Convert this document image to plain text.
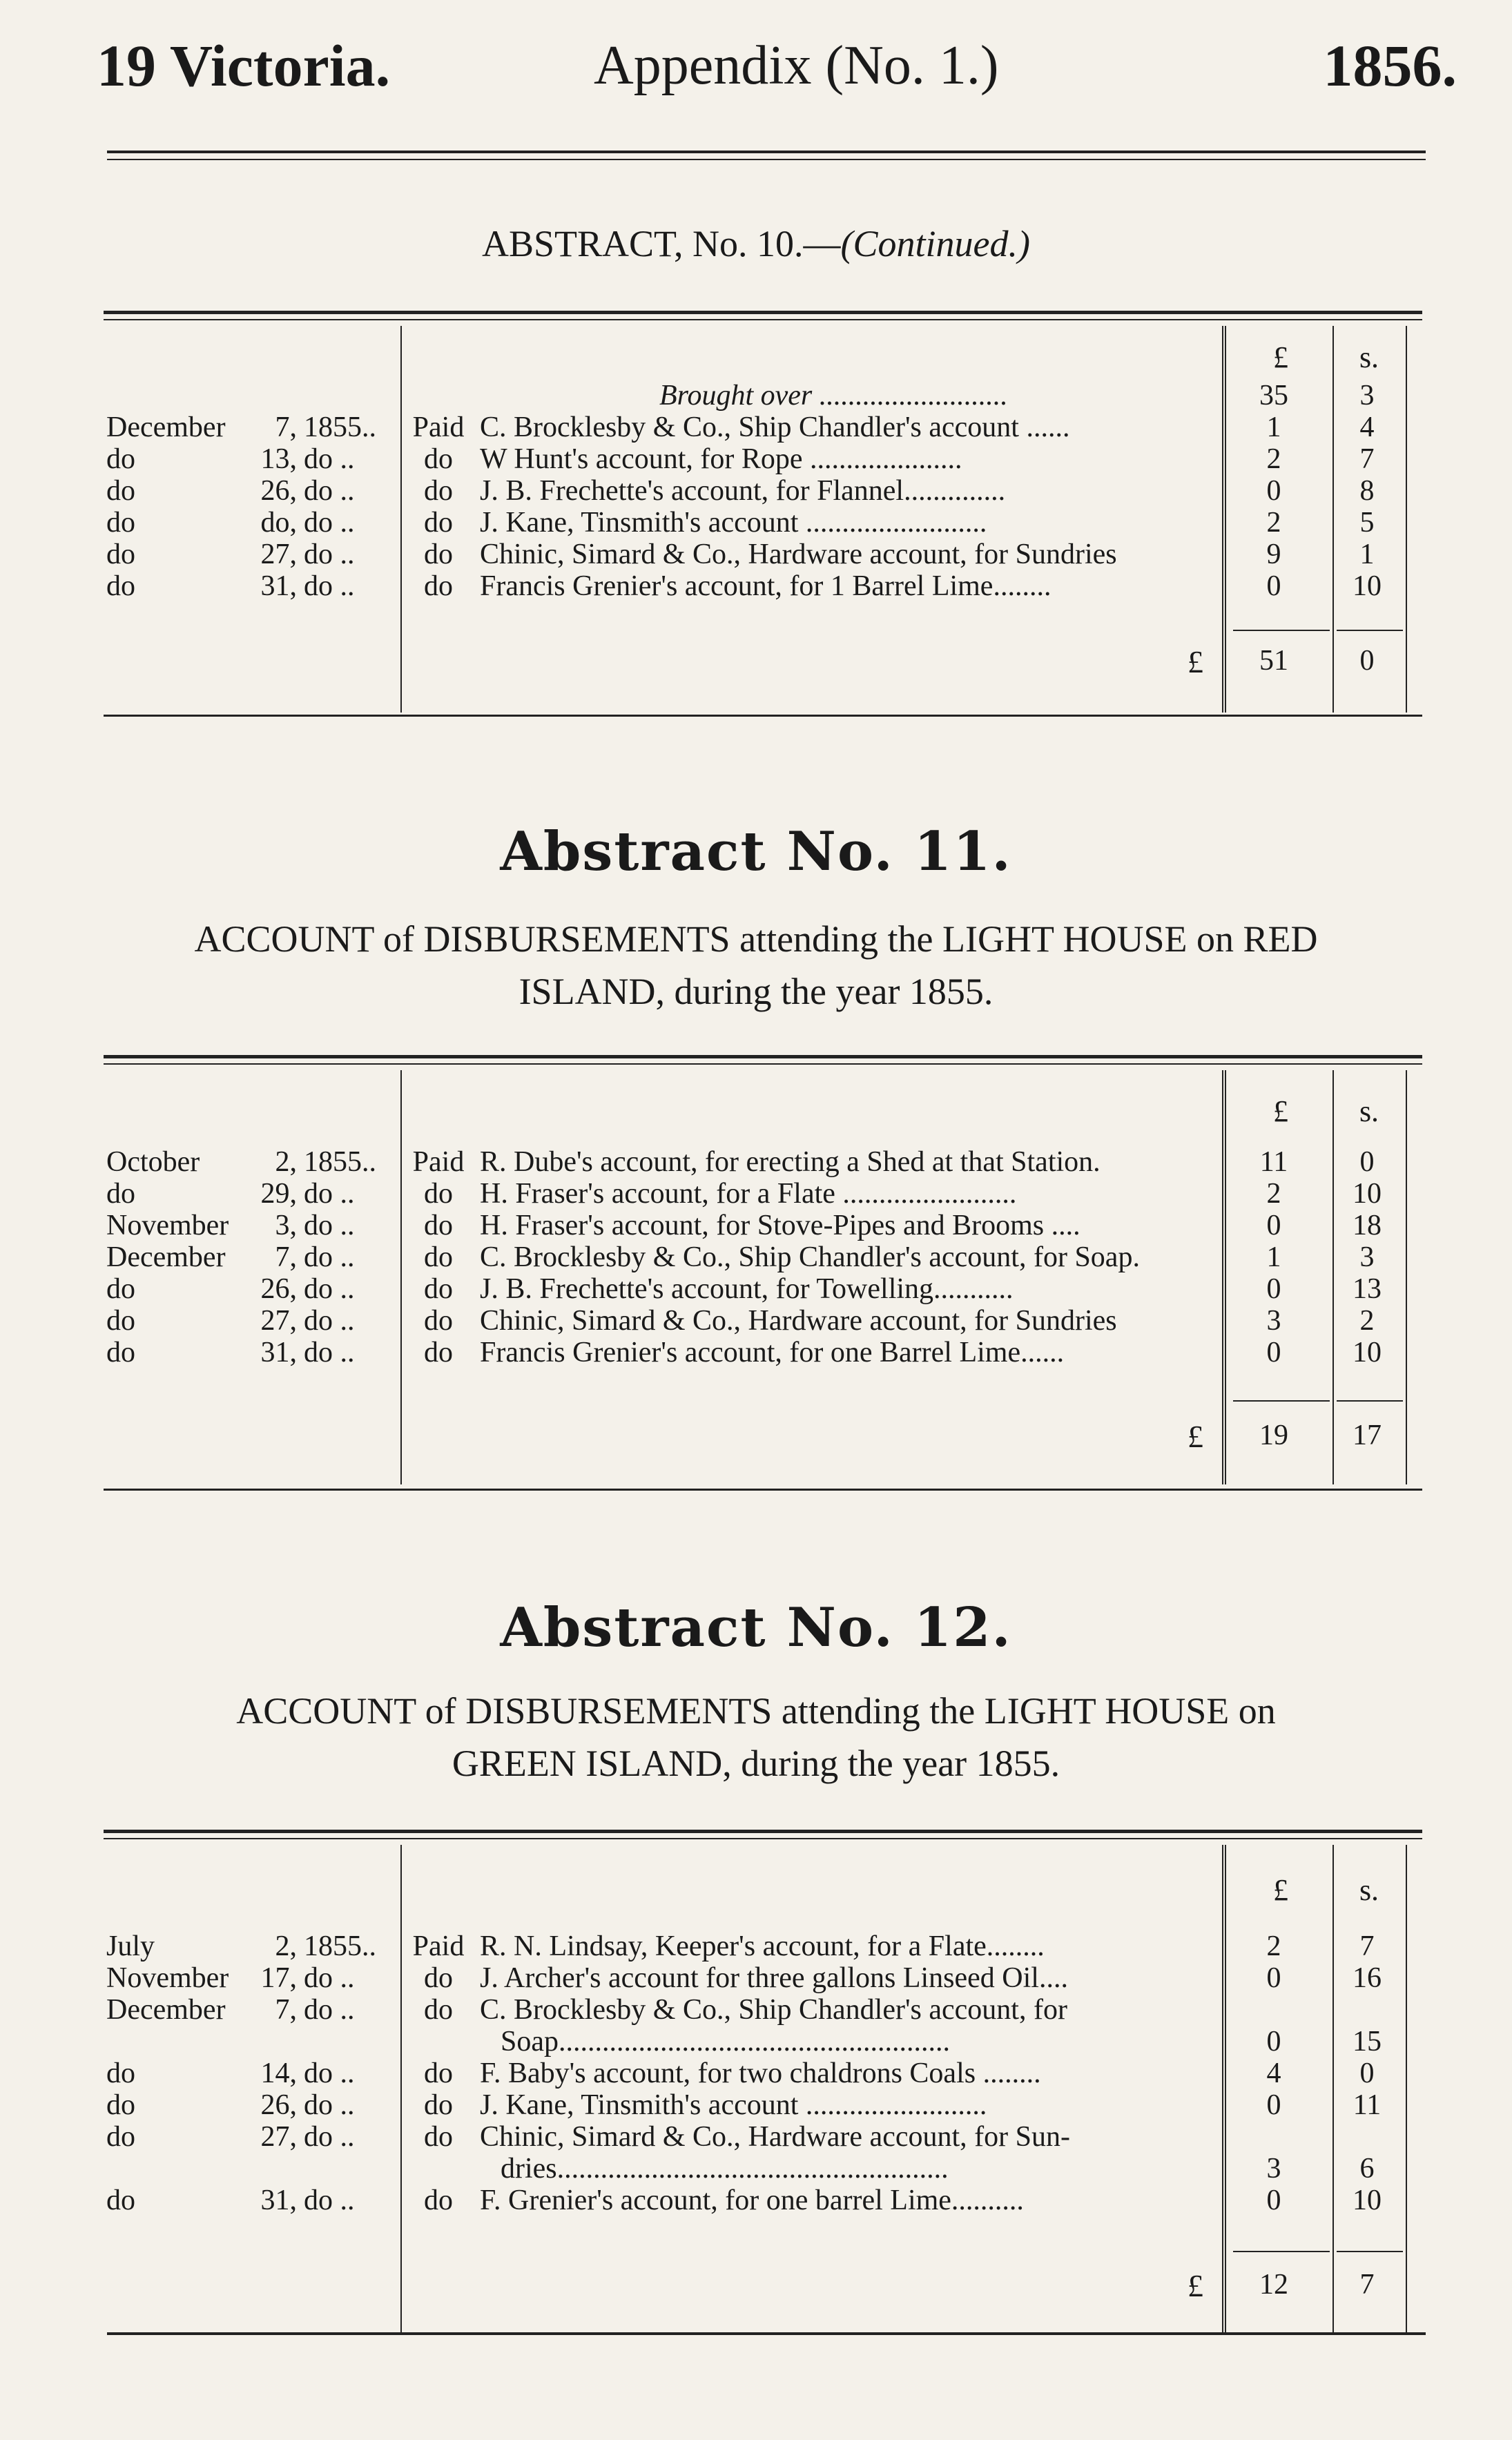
19 Victoria.	Appendix (No. 1.)	1856.
ABSTRACT, No. 10.—(Continued.)
£	s.
Brought over ..........................	35	3
December	7, 1855..	Paid C. Brocklesby & Co., Ship Chandler's account ......	1	4
do	13, do ..	do W Hunt's account, for Rope .....................	2	7
do	26, do ..	do J. B. Frechette's account, for Flannel..............	0	8
do	do, do ..	do J. Kane, Tinsmith's account .........................	2	5
do	27, do ..	do Chinic, Simard & Co., Hardware account, for Sundries	9	1
do	31, do ..	do Francis Grenier's account, for 1 Barrel Lime........	0	10
£	51	0
Abstract No. 11.
ACCOUNT of DISBURSEMENTS attending the LIGHT HOUSE on RED
ISLAND, during the year 1855.
£	s.
October	2, 1855..	Paid R. Dube's account, for erecting a Shed at that Station.	11	0
do	29, do ..	do H. Fraser's account, for a Flate ........................	2	10
November	3, do ..	do H. Fraser's account, for Stove-Pipes and Brooms ....	0	18
December	7, do ..	do C. Brocklesby & Co., Ship Chandler's account, for Soap.	1	3
do	26, do ..	do J. B. Frechette's account, for Towelling...........	0	13
do	27, do ..	do Chinic, Simard & Co., Hardware account, for Sundries	3	2
do	31, do ..	do Francis Grenier's account, for one Barrel Lime......	0	10
£	19	17
Abstract No. 12.
ACCOUNT of DISBURSEMENTS attending the LIGHT HOUSE on
GREEN ISLAND, during the year 1855.
£	s.
July	2, 1855..	Paid R. N. Lindsay, Keeper's account, for a Flate........	2	7
November	17, do ..	do J. Archer's account for three gallons Linseed Oil....	0	16
December	7, do ..	do C. Brocklesby & Co., Ship Chandler's account, for
Soap......................................................	0	15
do	14, do ..	do F. Baby's account, for two chaldrons Coals ........	4	0
do	26, do ..	do J. Kane, Tinsmith's account .........................	0	11
do	27, do ..	do Chinic, Simard & Co., Hardware account, for Sun-
dries......................................................	3	6
do	31, do ..	do F. Grenier's account, for one barrel Lime..........	0	10
£	12	7
